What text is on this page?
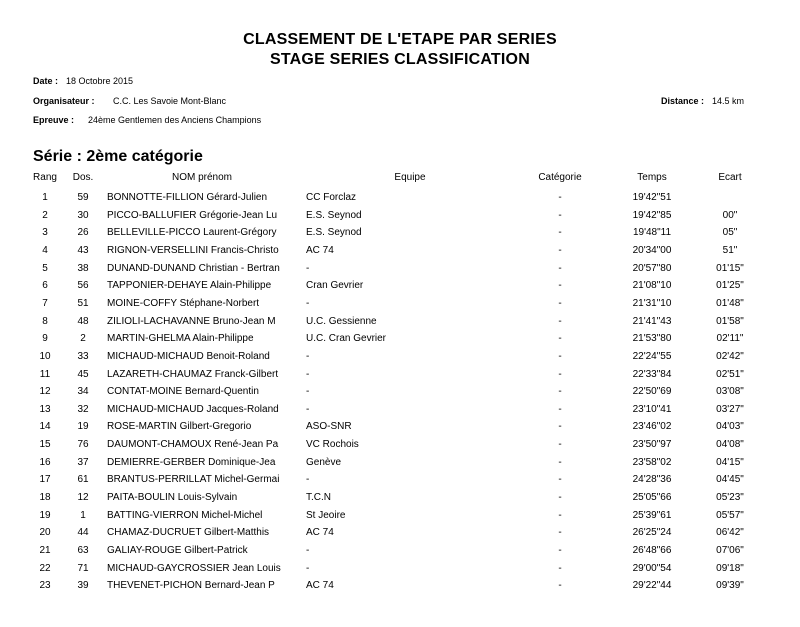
CLASSEMENT DE L'ETAPE PAR SERIES
STAGE SERIES CLASSIFICATION
Date : 18 Octobre 2015
Organisateur : C.C. Les Savoie Mont-Blanc	Distance : 14.5 km
Epreuve : 24ème Gentlemen des Anciens Champions
Série : 2ème catégorie
Rang	Dos.	NOM prénom	Equipe	Catégorie	Temps	Ecart
1	59	BONNOTTE-FILLION Gérard-Julien	CC Forclaz	-	19'42"51
2	30	PICCO-BALLUFIER Grégorie-Jean Lu	E.S. Seynod	-	19'42"85	00"
3	26	BELLEVILLE-PICCO Laurent-Grégory	E.S. Seynod	-	19'48"11	05"
4	43	RIGNON-VERSELLINI Francis-Christo	AC 74	-	20'34"00	51"
5	38	DUNAND-DUNAND Christian - Bertran	-	-	20'57"80	01'15"
6	56	TAPPONIER-DEHAYE Alain-Philippe	Cran Gevrier	-	21'08"10	01'25"
7	51	MOINE-COFFY Stéphane-Norbert	-	-	21'31"10	01'48"
8	48	ZILIOLI-LACHAVANNE Bruno-Jean M	U.C. Gessienne	-	21'41"43	01'58"
9	2	MARTIN-GHELMA Alain-Philippe	U.C. Cran Gevrier	-	21'53"80	02'11"
10	33	MICHAUD-MICHAUD Benoit-Roland	-	-	22'24"55	02'42"
11	45	LAZARETH-CHAUMAZ Franck-Gilbert	-	-	22'33"84	02'51"
12	34	CONTAT-MOINE Bernard-Quentin	-	-	22'50"69	03'08"
13	32	MICHAUD-MICHAUD Jacques-Roland	-	-	23'10"41	03'27"
14	19	ROSE-MARTIN Gilbert-Gregorio	ASO-SNR	-	23'46"02	04'03"
15	76	DAUMONT-CHAMOUX René-Jean Pa	VC Rochois	-	23'50"97	04'08"
16	37	DEMIERRE-GERBER Dominique-Jea	Genève	-	23'58"02	04'15"
17	61	BRANTUS-PERRILLAT Michel-Germai	-	-	24'28"36	04'45"
18	12	PAITA-BOULIN Louis-Sylvain	T.C.N	-	25'05"66	05'23"
19	1	BATTING-VIERRON Michel-Michel	St Jeoire	-	25'39"61	05'57"
20	44	CHAMAZ-DUCRUET Gilbert-Matthis	AC 74	-	26'25"24	06'42"
21	63	GALIAY-ROUGE Gilbert-Patrick	-	-	26'48"66	07'06"
22	71	MICHAUD-GAYCROSSIER Jean Louis	-	-	29'00"54	09'18"
23	39	THEVENET-PICHON Bernard-Jean P	AC 74	-	29'22"44	09'39"
